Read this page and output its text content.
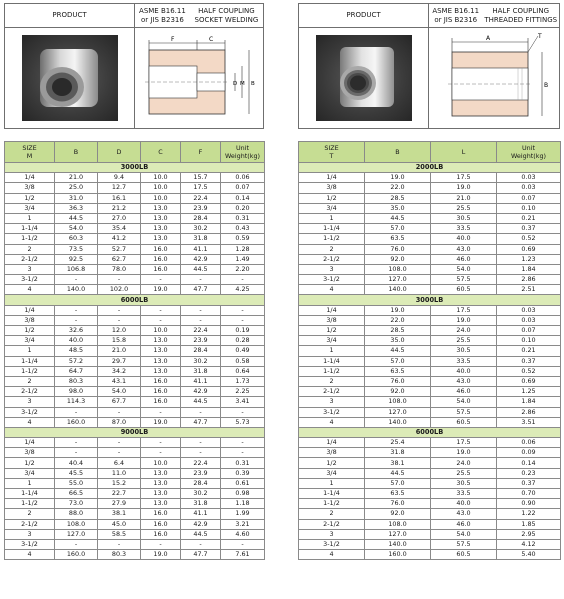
PRODUCT
ASME B16.11 or JIS B2316

HALF COUPLING SOCKET WELDING
F	C
D M B
PRODUCT
ASME B16.11 or JIS B2316

HALF COUPLING THREADED FITTINGS
A	T
B
SIZE
M	B	D	C	F	Unit
Weight(kg)
3000LB					
1/4	21.0	9.4	10.0	15.7	0.06
3/8	25.0	12.7	10.0	17.5	0.07
1/2	31.0	16.1	10.0	22.4	0.14
3/4	36.3	21.2	13.0	23.9	0.20
1	44.5	27.0	13.0	28.4	0.31
1-1/4	54.0	35.4	13.0	30.2	0.43
1-1/2	60.3	41.2	13.0	31.8	0.59
2	73.5	52.7	16.0	41.1	1.28
2-1/2	92.5	62.7	16.0	42.9	1.49
3	106.8	78.0	16.0	44.5	2.20
3-1/2	-	-	-	-	-
4	140.0	102.0	19.0	47.7	4.25
6000LB					
1/4	-	-	-	-	-
3/8	-	-	-	-	-
1/2	32.6	12.0	10.0	22.4	0.19
3/4	40.0	15.8	13.0	23.9	0.28
1	48.5	21.0	13.0	28.4	0.49
1-1/4	57.2	29.7	13.0	30.2	0.58
1-1/2	64.7	34.2	13.0	31.8	0.64
2	80.3	43.1	16.0	41.1	1.73
2-1/2	98.0	54.0	16.0	42.9	2.25
3	114.3	67.7	16.0	44.5	3.41
3-1/2	-	-	-	-	-
4	160.0	87.0	19.0	47.7	5.73
9000LB					
1/4	-	-	-	-	-
3/8	-	-	-	-	-
1/2	40.4	6.4	10.0	22.4	0.31
3/4	45.5	11.0	13.0	23.9	0.39
1	55.0	15.2	13.0	28.4	0.61
1-1/4	66.5	22.7	13.0	30.2	0.98
1-1/2	73.0	27.9	13.0	31.8	1.18
2	88.0	38.1	16.0	41.1	1.99
2-1/2	108.0	45.0	16.0	42.9	3.21
3	127.0	58.5	16.0	44.5	4.60
3-1/2	-	-	-	-	-
4	160.0	80.3	19.0	47.7	7.61
SIZE
T	B	L	Unit
Weight(kg)
2000LB			
1/4	19.0	17.5	0.03
3/8	22.0	19.0	0.03
1/2	28.5	21.0	0.07
3/4	35.0	25.5	0.10
1	44.5	30.5	0.21
1-1/4	57.0	33.5	0.37
1-1/2	63.5	40.0	0.52
2	76.0	43.0	0.69
2-1/2	92.0	46.0	1.23
3	108.0	54.0	1.84
3-1/2	127.0	57.5	2.86
4	140.0	60.5	2.51
3000LB			
1/4	19.0	17.5	0.03
3/8	22.0	19.0	0.03
1/2	28.5	24.0	0.07
3/4	35.0	25.5	0.10
1	44.5	30.5	0.21
1-1/4	57.0	33.5	0.37
1-1/2	63.5	40.0	0.52
2	76.0	43.0	0.69
2-1/2	92.0	46.0	1.25
3	108.0	54.0	1.84
3-1/2	127.0	57.5	2.86
4	140.0	60.5	3.51
6000LB			
1/4	25.4	17.5	0.06
3/8	31.8	19.0	0.09
1/2	38.1	24.0	0.14
3/4	44.5	25.5	0.23
1	57.0	30.5	0.37
1-1/4	63.5	33.5	0.70
1-1/2	76.0	40.0	0.90
2	92.0	43.0	1.22
2-1/2	108.0	46.0	1.85
3	127.0	54.0	2.95
3-1/2	140.0	57.5	4.12
4	160.0	60.5	5.40
